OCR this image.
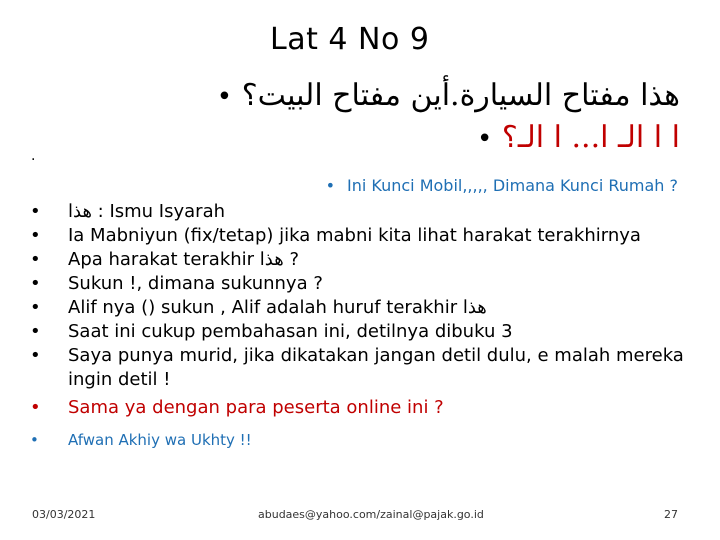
Lat 4 No 9
هذا مفتاح السيارة.أين مفتاح البيت؟ •
ا ا الـ ا... ا الـ؟ •
.
• Ini Kunci Mobil,,,,, Dimana Kunci Rumah ?
•	هذا : Ismu Isyarah
•	Ia Mabniyun (fix/tetap) jika mabni kita lihat harakat terakhirnya
•	Apa harakat terakhir هذا ?
•	Sukun !, dimana sukunnya ?
•	Alif nya () sukun , Alif adalah huruf terakhir هذا
•	Saat ini cukup pembahasan ini, detilnya dibuku 3
•	Saya punya murid, jika dikatakan jangan detil dulu, e malah mereka ingin detil !
•	Sama ya dengan para peserta online ini ?
•	Afwan Akhiy wa Ukhty !!
03/03/2021	abudaes@yahoo.com/zainal@pajak.go.id	27
